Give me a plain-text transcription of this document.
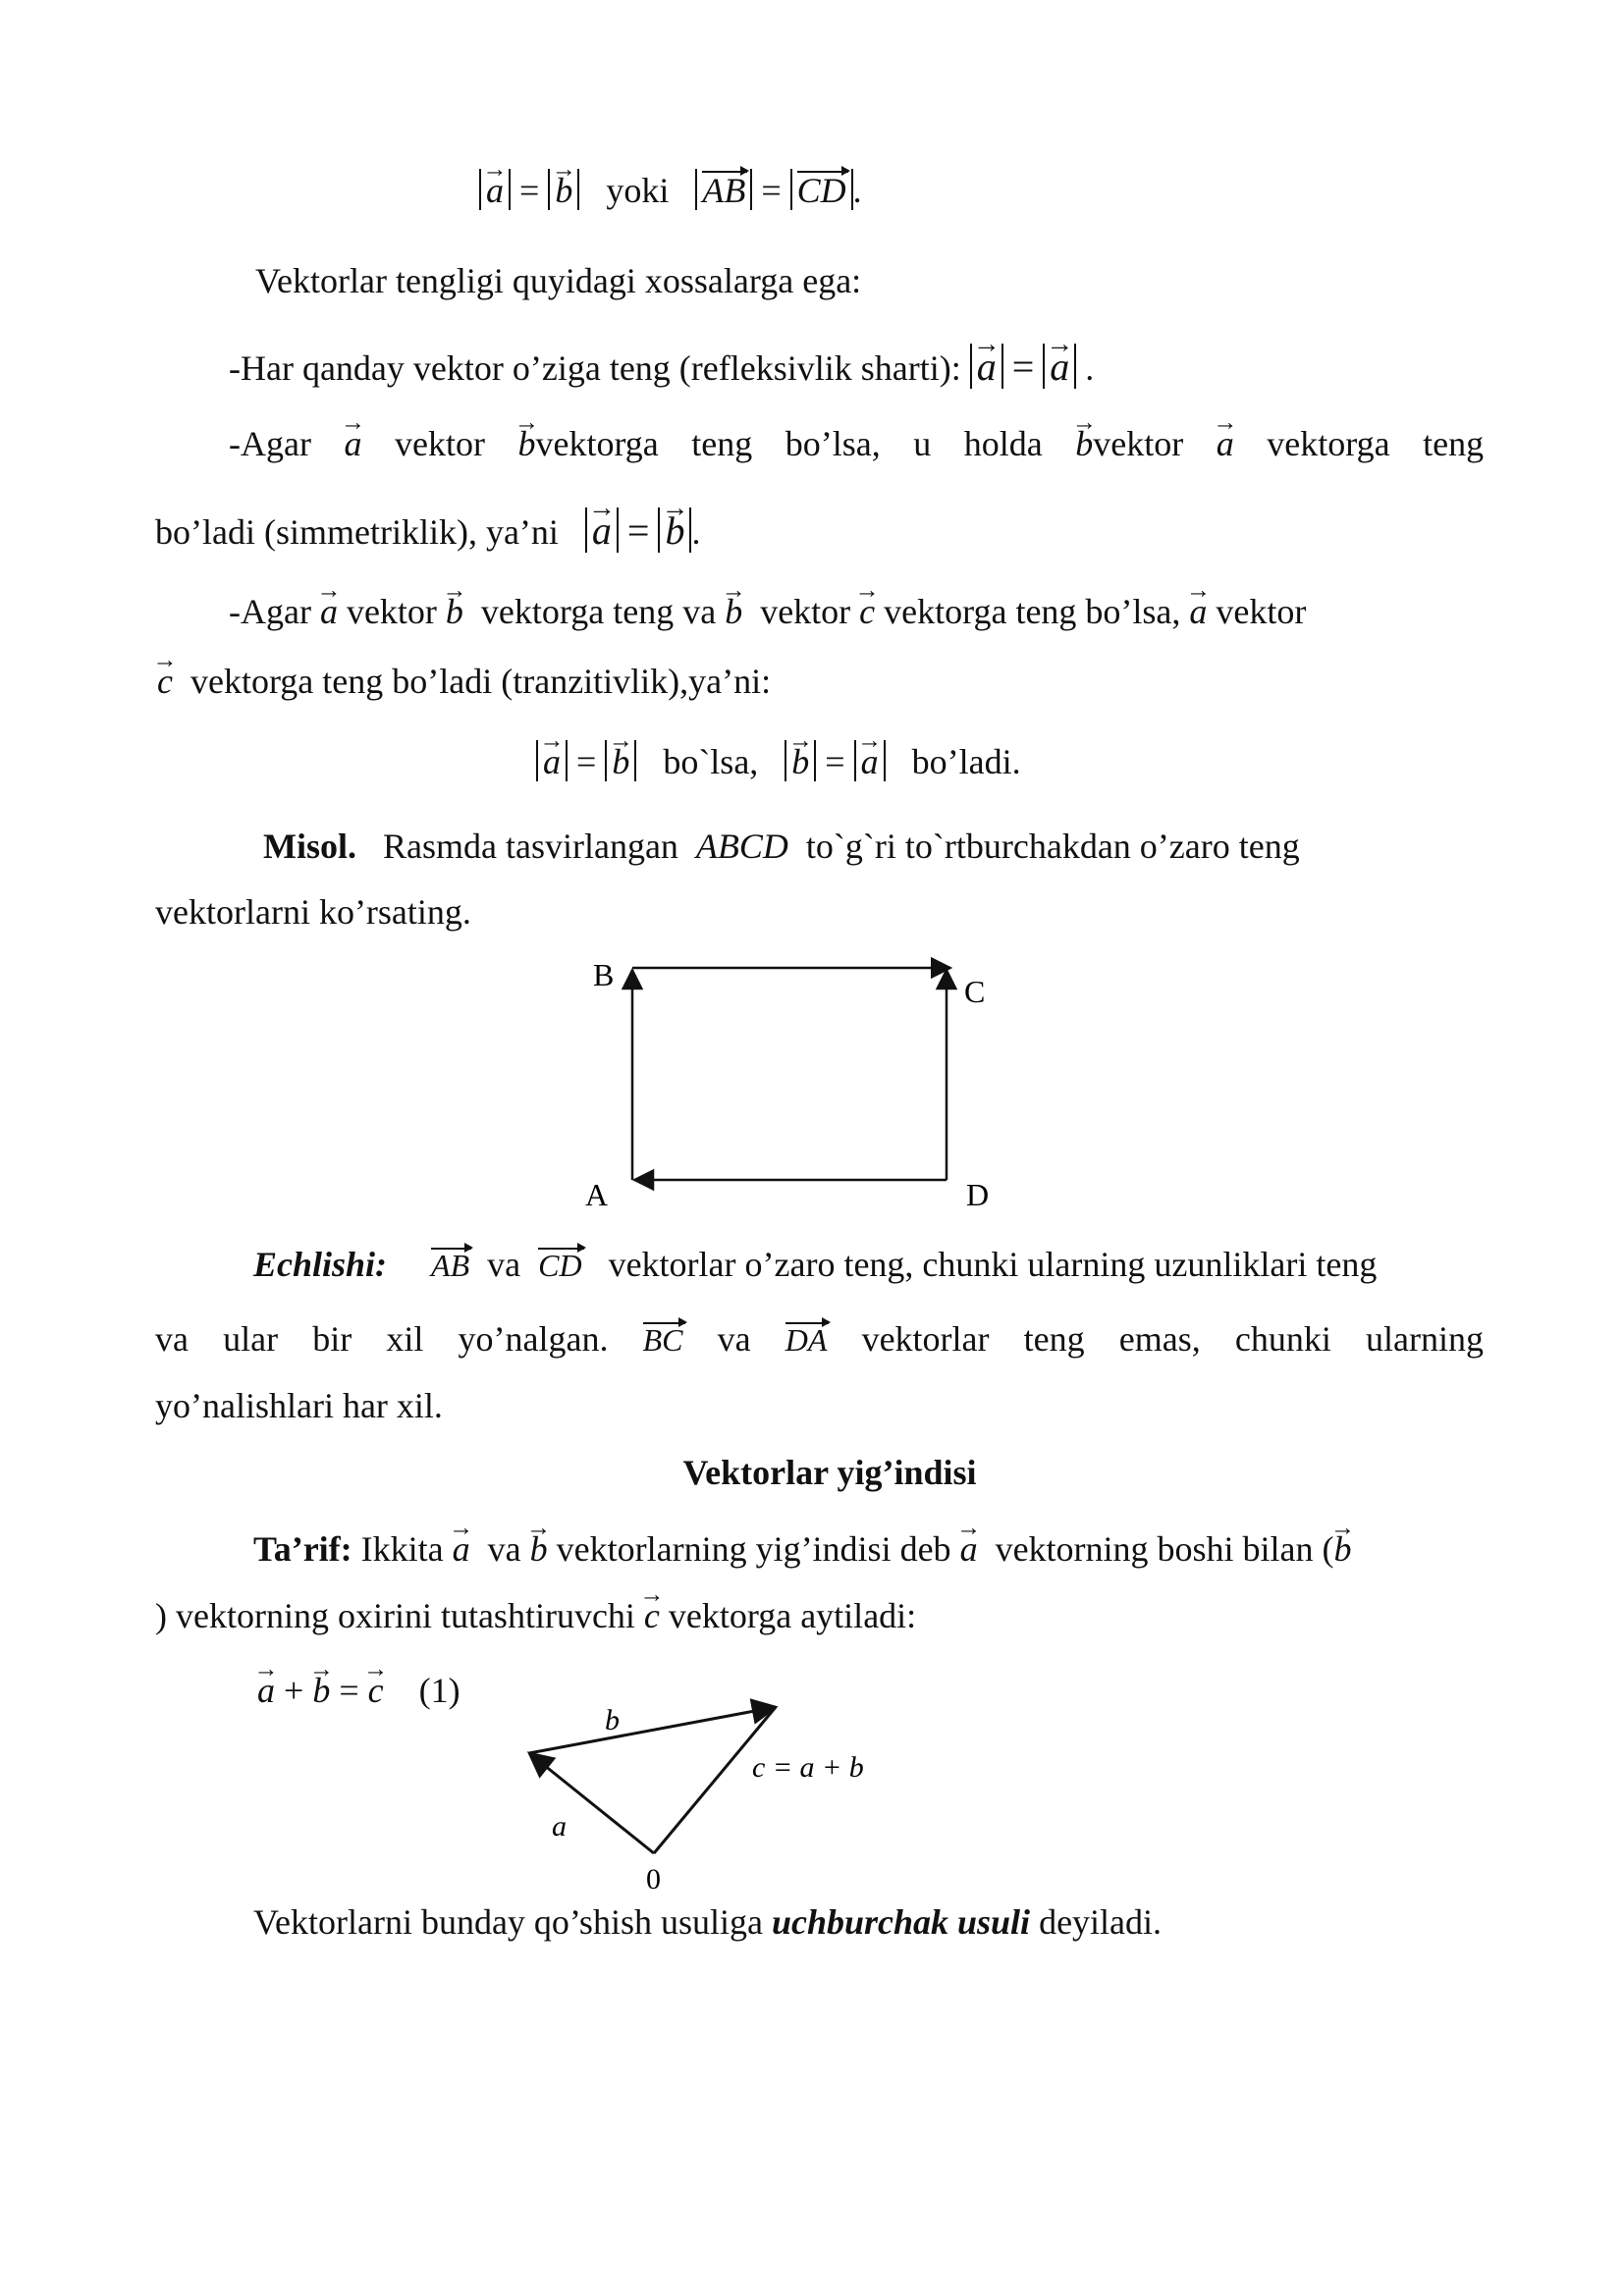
→ a = → b yoki AB = CD .
Vektorlar tengligi quyidagi xossalarga ega:
-Har qanday vektor o’ziga teng (refleksivlik sharti): → a = → a .
-Agar → a vektor → bvektorga teng bo’lsa, u holda → bvektor → a vektorga teng
bo’ladi (simmetriklik), ya’ni → a = → b .
-Agar → a vektor → b vektorga teng va → b vektor → c vektorga teng bo’lsa, → a vektor
→ c vektorga teng bo’ladi (tranzitivlik),ya’ni:
→ a = → b bo`lsa, → b = → a bo’ladi.
Misol. Rasmda tasvirlangan ABCD to`g`ri to`rtburchakdan o’zaro teng
vektorlarni ko’rsating.
B	C
A	D
Echlishi: AB va CD vektorlar o’zaro teng, chunki ularning uzunliklari teng
va ular bir xil yo’nalgan. BC va DA vektorlar teng emas, chunki ularning
yo’nalishlari har xil.
Vektorlar yig’indisi
Ta’rif: Ikkita → a va → b vektorlarning yig’indisi deb → a vektorning boshi bilan (→ b
) vektorning oxirini tutashtiruvchi → c vektorga aytiladi:
→ a + → b = → c (1)
b
c = a + b
a
0
Vektorlarni bunday qo’shish usuliga uchburchak usuli deyiladi.
